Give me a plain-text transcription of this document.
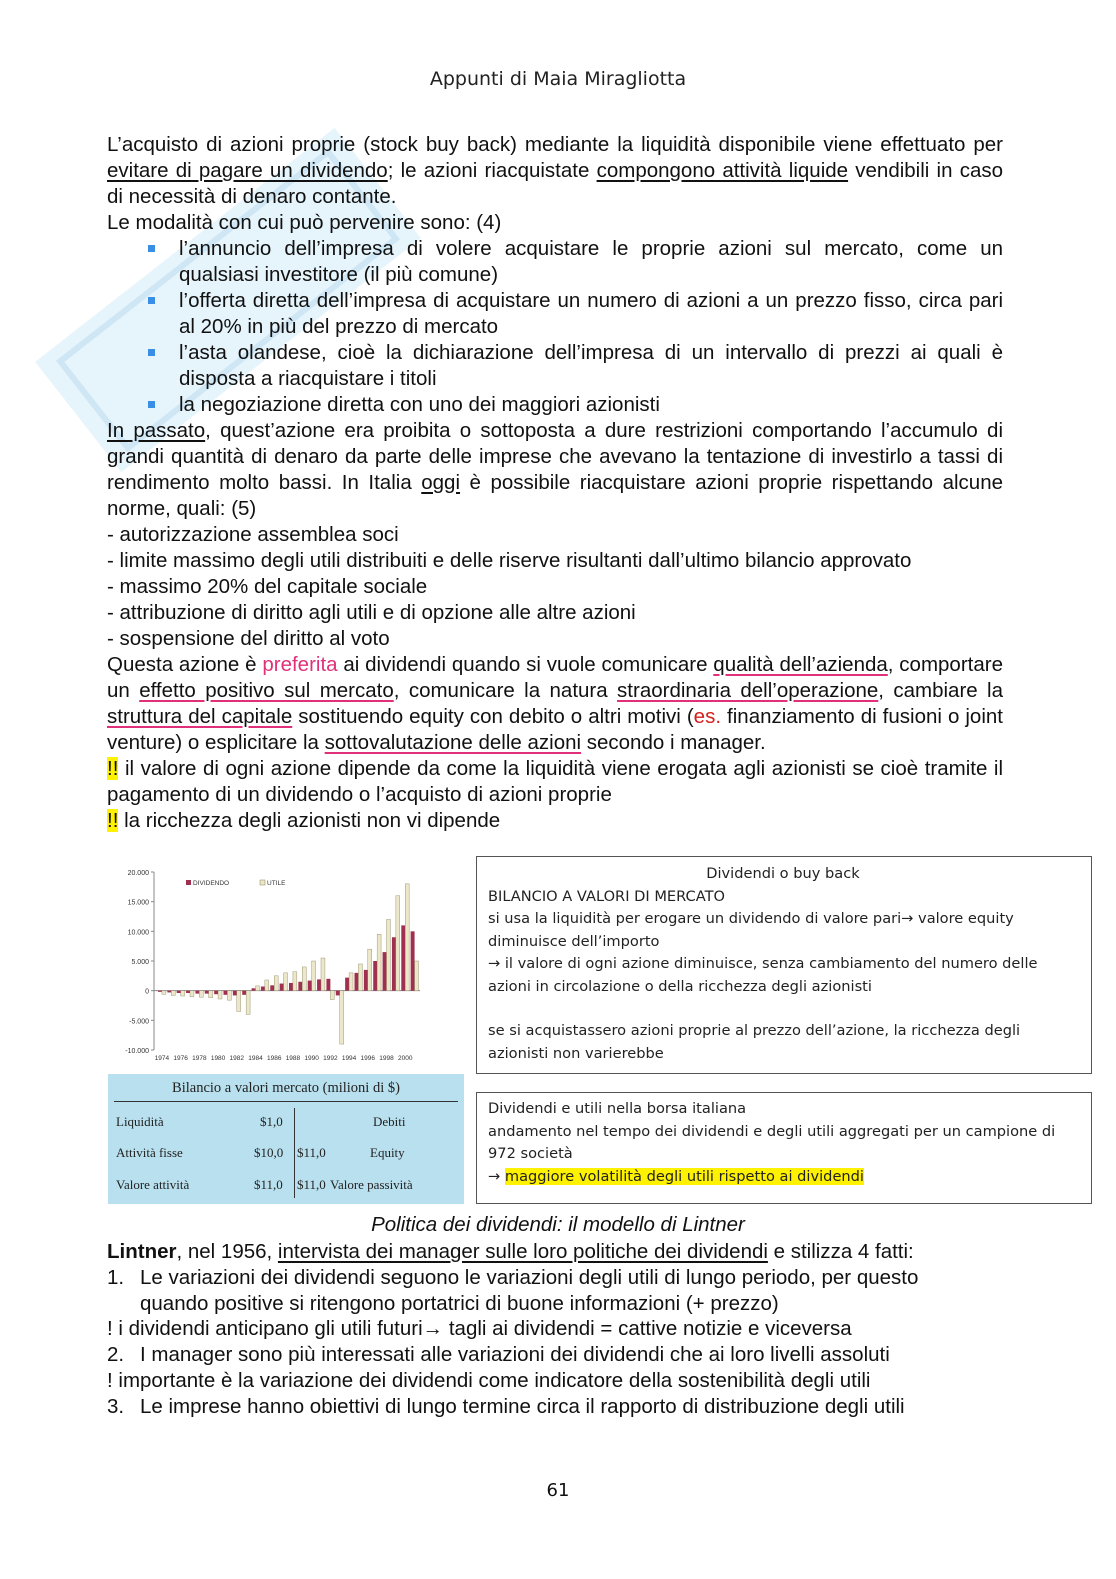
Appunti di Maia Miragliotta

L’acquisto di azioni proprie (stock buy back) mediante la liquidità disponibile viene effettuato per evitare di pagare un dividendo; le azioni riacquistate compongono attività liquide vendibili in caso di necessità di denaro contante.

Le modalità con cui può pervenire sono: (4)

l’annuncio dell’impresa di volere acquistare le proprie azioni sul mercato, come un qualsiasi investitore (il più comune)
l’offerta diretta dell’impresa di acquistare un numero di azioni a un prezzo fisso, circa pari al 20% in più del prezzo di mercato
l’asta olandese, cioè la dichiarazione dell’impresa di un intervallo di prezzi ai quali è disposta a riacquistare i titoli
la negoziazione diretta con uno dei maggiori azionisti

In passato, quest’azione era proibita o sottoposta a dure restrizioni comportando l’accumulo di grandi quantità di denaro da parte delle imprese che avevano la tentazione di investirlo a tassi di rendimento molto bassi. In Italia oggi è possibile riacquistare azioni proprie rispettando alcune norme, quali: (5)

- autorizzazione assemblea soci

- limite massimo degli utili distribuiti e delle riserve risultanti dall’ultimo bilancio approvato

- massimo 20% del capitale sociale

- attribuzione di diritto agli utili e di opzione alle altre azioni

- sospensione del diritto al voto

Questa azione è preferita ai dividendi quando si vuole comunicare qualità dell’azienda, comportare un effetto positivo sul mercato, comunicare la natura straordinaria dell’operazione, cambiare la struttura del capitale sostituendo equity con debito o altri motivi (es. finanziamento di fusioni o joint venture) o esplicitare la sottovalutazione delle azioni secondo i manager.

!! il valore di ogni azione dipende da come la liquidità viene erogata agli azionisti se cioè tramite il pagamento di un dividendo o l’acquisto di azioni proprie

!! la ricchezza degli azionisti non vi dipende

20.000
15.000
10.000
5.000
0
-5.000
-10.000
1974 1976 1978 1980 1982 1984 1986 1988 1990 1992 1994 1996 1998 2000
DIVIDENDO	UTILE
Bilancio a valori mercato (milioni di $)
Liquidità	$1,0	Debiti
Attività fisse	$10,0 $11,0	Equity
Valore attività	$11,0 $11,0 Valore passività
Dividendi o buy back
BILANCIO A VALORI DI MERCATO
si usa la liquidità per erogare un dividendo di valore pari→ valore equity diminuisce dell’importo
→ il valore di ogni azione diminuisce, senza cambiamento del numero delle azioni in circolazione o della ricchezza degli azionisti
se si acquistassero azioni proprie al prezzo dell’azione, la ricchezza degli azionisti non varierebbe
Dividendi e utili nella borsa italiana
andamento nel tempo dei dividendi e degli utili aggregati per un campione di 972 società
→ maggiore volatilità degli utili rispetto ai dividendi
Politica dei dividendi: il modello di Lintner

Lintner, nel 1956, intervista dei manager sulle loro politiche dei dividendi e stilizza 4 fatti:

1. Le variazioni dei dividendi seguono le variazioni degli utili di lungo periodo, per questo

quando positive si ritengono portatrici di buone informazioni (+ prezzo)

! i dividendi anticipano gli utili futuri→ tagli ai dividendi = cattive notizie e viceversa

2. I manager sono più interessati alle variazioni dei dividendi che ai loro livelli assoluti

! importante è la variazione dei dividendi come indicatore della sostenibilità degli utili

3. Le imprese hanno obiettivi di lungo termine circa il rapporto di distribuzione degli utili

61
